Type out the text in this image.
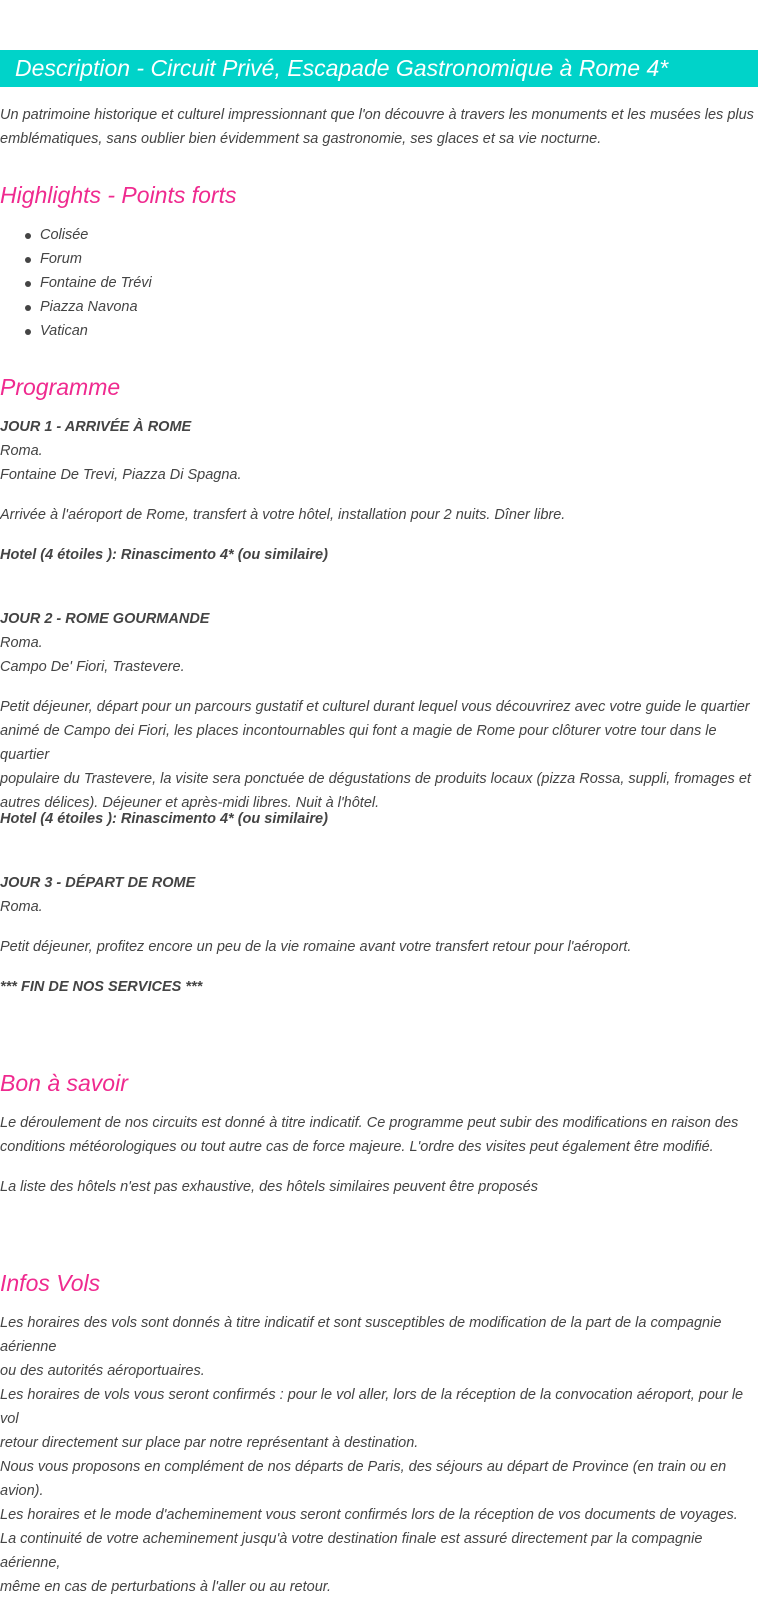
Description - Circuit Privé, Escapade Gastronomique à Rome 4*
Un patrimoine historique et culturel impressionnant que l'on découvre à travers les monuments et les musées les plus
emblématiques, sans oublier bien évidemment sa gastronomie, ses glaces et sa vie nocturne.
Highlights - Points forts
Colisée
Forum
Fontaine de Trévi
Piazza Navona
Vatican
Programme
JOUR 1 - ARRIVÉE À ROME
Roma.
Fontaine De Trevi, Piazza Di Spagna.
Arrivée à l'aéroport de Rome, transfert à votre hôtel, installation pour 2 nuits. Dîner libre.
Hotel (4 étoiles ): Rinascimento 4* (ou similaire)
JOUR 2 - ROME GOURMANDE
Roma.
Campo De' Fiori, Trastevere.
Petit déjeuner, départ pour un parcours gustatif et culturel durant lequel vous découvrirez avec votre guide le quartier
animé de Campo dei Fiori, les places incontournables qui font a magie de Rome pour clôturer votre tour dans le quartier
populaire du Trastevere, la visite sera ponctuée de dégustations de produits locaux (pizza Rossa, suppli, fromages et
autres délices). Déjeuner et après-midi libres. Nuit à l'hôtel.
Hotel (4 étoiles ): Rinascimento 4* (ou similaire)
JOUR 3 - DÉPART DE ROME
Roma.
Petit déjeuner, profitez encore un peu de la vie romaine avant votre transfert retour pour l'aéroport.
*** FIN DE NOS SERVICES ***
Bon à savoir
Le déroulement de nos circuits est donné à titre indicatif. Ce programme peut subir des modifications en raison des
conditions météorologiques ou tout autre cas de force majeure. L'ordre des visites peut également être modifié.
La liste des hôtels n'est pas exhaustive, des hôtels similaires peuvent être proposés
Infos Vols
Les horaires des vols sont donnés à titre indicatif et sont susceptibles de modification de la part de la compagnie aérienne
ou des autorités aéroportuaires.
Les horaires de vols vous seront confirmés : pour le vol aller, lors de la réception de la convocation aéroport, pour le vol
retour directement sur place par notre représentant à destination.
Nous vous proposons en complément de nos départs de Paris, des séjours au départ de Province (en train ou en avion).
Les horaires et le mode d'acheminement vous seront confirmés lors de la réception de vos documents de voyages.
La continuité de votre acheminement jusqu'à votre destination finale est assuré directement par la compagnie aérienne,
même en cas de perturbations à l'aller ou au retour.
